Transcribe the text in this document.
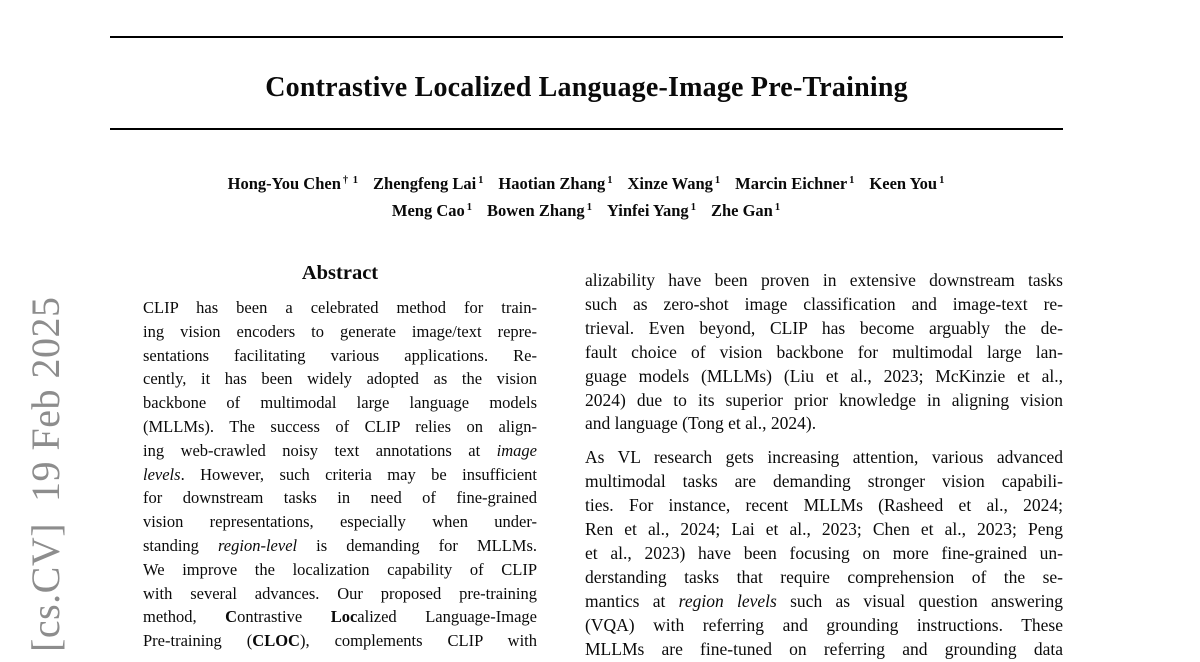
[cs.CV]  19 Feb 2025
Contrastive Localized Language-Image Pre-Training
Hong-You Chen $^{\dagger 1}$ Zhengfeng Lai $^1$ Haotian Zhang $^1$ Xinze Wang $^1$ Marcin Eichner $^1$ Keen You $^1$
Meng Cao $^1$ Bowen Zhang $^1$ Yinfei Yang $^1$ Zhe Gan $^1$
Abstract
CLIP has been a celebrated method for train-
ing vision encoders to generate image/text repre-
sentations facilitating various applications. Re-
cently, it has been widely adopted as the vision
backbone of multimodal large language models
(MLLMs). The success of CLIP relies on align-
ing web-crawled noisy text annotations at image
levels. However, such criteria may be insufficient
for downstream tasks in need of fine-grained
vision representations, especially when under-
standing region-level is demanding for MLLMs.
We improve the localization capability of CLIP
with several advances. Our proposed pre-training
method, Contrastive Localized Language-Image
Pre-training (CLOC), complements CLIP with
alizability have been proven in extensive downstream tasks
such as zero-shot image classification and image-text re-
trieval. Even beyond, CLIP has become arguably the de-
fault choice of vision backbone for multimodal large lan-
guage models (MLLMs) (Liu et al., 2023; McKinzie et al.,
2024) due to its superior prior knowledge in aligning vision
and language (Tong et al., 2024).
As VL research gets increasing attention, various advanced
multimodal tasks are demanding stronger vision capabili-
ties. For instance, recent MLLMs (Rasheed et al., 2024;
Ren et al., 2024; Lai et al., 2023; Chen et al., 2023; Peng
et al., 2023) have been focusing on more fine-grained un-
derstanding tasks that require comprehension of the se-
mantics at region levels such as visual question answering
(VQA) with referring and grounding instructions. These
MLLMs are fine-tuned on referring and grounding data
